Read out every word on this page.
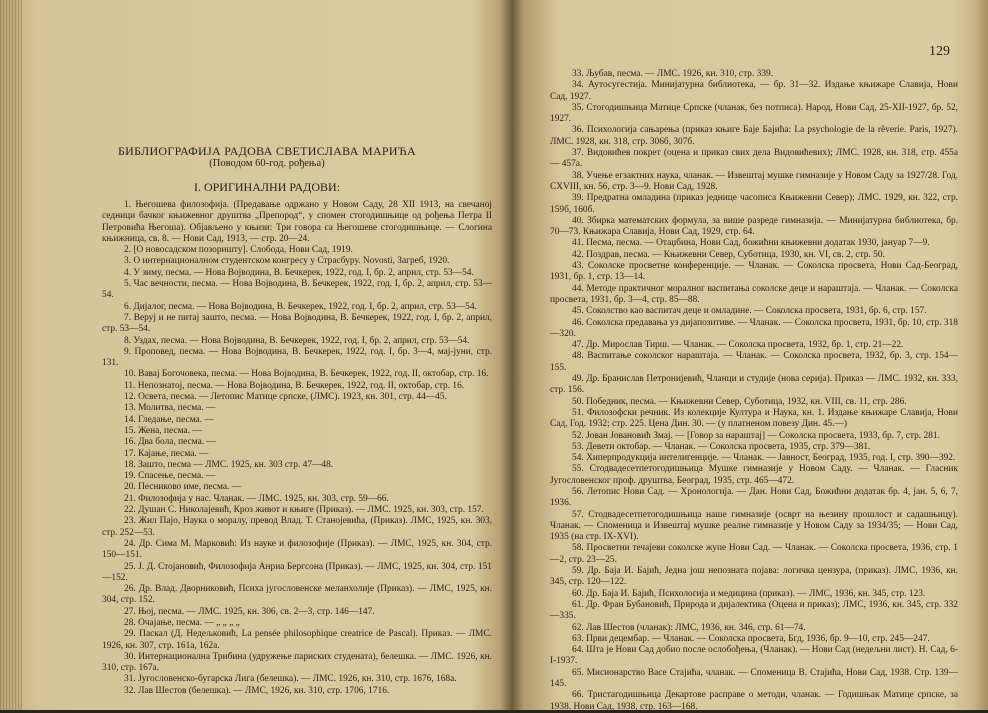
БИБЛИОГРАФИЈА РАДОВА СВЕТИСЛАВА МАРИЋА
(Поводом 60-год. рођења)
I. ОРИГИНАЛНИ РАДОВИ:

1. Његошева филозофија. (Предавање одржано у Новом Саду, 28 XII 1913, на свечаној седници бачког књижевног друштва „Препород“, у спомен стогодишњице од рођења Петра II Петровића Његоша). Објављено у књизи: Три говора са Његошеве стогодишњице. — Слогина књижница, св. 8. — Нови Сад, 1913, — стр. 20—24.

2. [О новосадском позоришту]. Слобода, Нови Сад, 1919.

3. О интернационалном студентском конгресу у Страсбуру. Novosti, Загреб, 1920.

4. У зиму, песма. — Нова Војводина, В. Бечкерек, 1922, год. I, бр. 2, април, стр. 53—54.

5. Час вечности, песма. — Нова Војводина, В. Бечкерек, 1922, год. I, бр. 2, април, стр. 53—54.

6. Дијалог, песма. — Нова Војводина, В. Бечкерек, 1922, год. I, бр. 2, април, стр. 53—54.

7. Веруј и не питај зашто, песма. — Нова Војводина, В. Бечкерек, 1922, год. I, бр. 2, април, стр. 53—54.

8. Уздах, песма. — Нова Војводина, В. Бечкерек, 1922, год. I, бр. 2, април, стр. 53—54.

9. Проповед, песма. — Нова Војводина, В. Бечкерек, 1922, год. I, бр. 3—4, мај-јуни, стр. 131.

10. Вавај Богочовека, песма. — Нова Војводина, В. Бечкерек, 1922, год. II, октобар, стр. 16.

11. Непознатој, песма. — Нова Војводина, В. Бечкерек, 1922, год. II, октобар, стр. 16.

12. Освета, песма. — Летопис Матице српске, (ЛМС). 1923, кн. 301, стр. 44—45.

13. Молитва, песма. —

14. Гледање, песма. —

15. Жена, песма. —

16. Два бола, песма. —

17. Кајање, песма. —

18. Зашто, песма — ЛМС. 1925, кн. 303 стр. 47—48.

19. Спасење, песма. —

20. Песниково име, песма. —

21. Филозофија у нас. Чланак. — ЛМС. 1925, кн. 303, стр. 59—66.

22. Душан С. Николајевић, Кроз живот и књиге (Приказ). — ЛМС. 1925, кн. 303, стр. 157.

23. Жил Пајо, Наука о моралу, превод Влад. Т. Станојевића, (Приказ). ЛМС, 1925, кн. 303, стр. 252—53.

24. Др. Сима М. Марковић: Из науке и филозофије (Приказ). — ЛМС, 1925, кн. 304, стр. 150—151.

25. Ј. Д. Стојановић, Филозофија Анриа Бергсона (Приказ). — ЛМС, 1925, кн. 304, стр. 151—152.

26. Др. Влад. Дворниковић, Психа југословенске меланхолије (Приказ). — ЛМС, 1925, кн. 304, стр. 152.

27. Њој, песма. — ЛМС. 1925, кн. 306, св. 2—3, стр. 146—147.

28. Очајање, песма. — „ „ „ „

29. Паскал (Д. Недељковић, La pensée philosophique creatrice de Pascal). Приказ. — ЛМС. 1926, кн. 307, стр. 161а, 162а.

30. Интернационална Трибина (удружење париских студената), белешка. — ЛМС. 1926, кн. 310, стр. 167а.

31. Југословенско-бугарска Лига (белешка). — ЛМС. 1926, кн. 310, стр. 1676, 168а.

32. Лав Шестов (белешка). — ЛМС, 1926, кн. 310, стр. 1706, 1716.

129

33. Љубав, песма. — ЛМС. 1926, кн. 310, стр. 339.

34. Аутосугестија. Минијатурна библиотека, — бр. 31—32. Издање књижаре Славија, Нови Сад, 1927.

35. Стогодишњица Матице Српске (чланак, без потписа). Народ, Нови Сад, 25-XII-1927, бр. 52, 1927.

36. Психологија сањарења (приказ књиге Баје Бајића: La psychologie de la rêverie. Paris, 1927). ЛМС. 1928, кн. 318, стр. 306б, 307б.

37. Видовићев покрет (оцена и приказ свих дела Видовићевих); ЛМС. 1928, кн. 318, стр. 455а — 457а.

38. Учење егзактних наука, чланак. — Извештај мушке гимназије у Новом Саду за 1927/28. Год. CXVIII, кн. 56, стр. 3—9. Нови Сад, 1928.

39. Предратна омладина (приказ једнице часописа Књижевни Север); ЛМС. 1929, кн. 322, стр. 159б, 160б.

40. Збирка математских формула, за више разреде гимназија. — Минијатурна библиотека, бр. 70—73. Књижара Славија, Нови Сад, 1929, стр. 64.

41. Песма, песма. — Отаџбина, Нови Сад, божићни књижевни додатак 1930, јануар 7—9.

42. Поздрав, песма. — Књижевни Север, Суботица, 1930, кн. VI, св. 2, стр. 50.

43. Соколске просветне конференције. — Чланак. — Соколска просвета, Нови Сад-Београд, 1931, бр. 1, стр. 13—14.

44. Методе практичног моралног васпитања соколске деце и нараштаја. — Чланак. — Соколска просвета, 1931, бр. 3—4, стр. 85—88.

45. Соколство као васпитач деце и омладине. — Соколска просвета, 1931, бр. 6, стр. 157.

46. Соколска предавања уз дијапозитиве. — Чланак. — Соколска просвета, 1931, бр. 10, стр. 318—320.

47. Др. Мирослав Тирш. — Чланак. — Соколска просвета, 1932, бр. 1, стр. 21—22.

48. Васпитање соколског нараштаја. — Чланак. — Соколска просвета, 1932, бр. 3, стр. 154—155.

49. Др. Бранислав Петронијевић, Чланци и студије (нова серија). Приказ — ЛМС. 1932, кн. 333, стр. 156.

50. Победник, песма. — Књижевни Север, Суботица, 1932, кн. VIII, св. 11, стр. 286.

51. Филозофски речник. Из колекције Култура и Наука, кн. 1. Издање књижаре Славија, Нови Сад, Год. 1932; стр. 225. Цена Дин. 30. — (у платненом повезу Дин. 45.—)

52. Јован Јовановић Змај. — [Говор за нараштај] — Соколска просвета, 1933, бр. 7, стр. 281.

53. Девети октобар. — Чланак. — Соколска просвета, 1935, стр. 379—381.

54. Хиперпродукција интелигенције. — Чланак. — Јавност, Београд, 1935, год. I, стр. 390—392.

55. Стодвадесетпетогодишњица Мушке гимназије у Новом Саду. — Чланак. — Гласник Југословенског проф. друштва, Београд, 1935, стр. 465—472.

56. Летопис Нови Сад. — Хронологија. — Дан. Нови Сад, Божићни додатак бр. 4, јан. 5, 6, 7, 1936.

57. Стодвадесетпетогодишњица наше гимназије (осврт на њезину прошлост и садашњицу). Чланак. — Споменица и Извештај мушке реалне гимназије у Новом Саду за 1934/35; — Нови Сад, 1935 (на стр. IX-XVI).

58. Просветни течајеви соколске жупе Нови Сад. — Чланак. — Соколска просвета, 1936, стр. 1—2, стр. 23—25.

59. Др. Баја И. Бајић, Једна још непозната појава: логичка цензура, (приказ). ЛМС, 1936, кн. 345, стр. 120—122.

60. Др. Баја И. Бајић, Психологија и медицина (приказ). — ЛМС, 1936, кн. 345, стр. 123.

61. Др. Фран Бубановић, Природа и дијалектика (Оцена и приказ); ЛМС, 1936, кн. 345, стр. 332—335.

62. Лав Шестов (чланак): ЛМС, 1936, кн. 346, стр. 61—74.

63. Први децембар. — Чланак. — Соколска просвета, Бгд, 1936, бр. 9—10, стр. 245—247.

64. Шта је Нови Сад добио после ослобођења, (Чланак). — Нови Сад (недељни лист). Н. Сад, 6-I-1937.

65. Мисионарство Васе Стајића, чланак. — Споменица В. Стајића, Нови Сад, 1938. Стр. 139—145.

66. Тристагодишњица Декартове расправе о методи, чланак. — Годишњак Матице српске, за 1938. Нови Сад, 1938, стр. 163—168.
